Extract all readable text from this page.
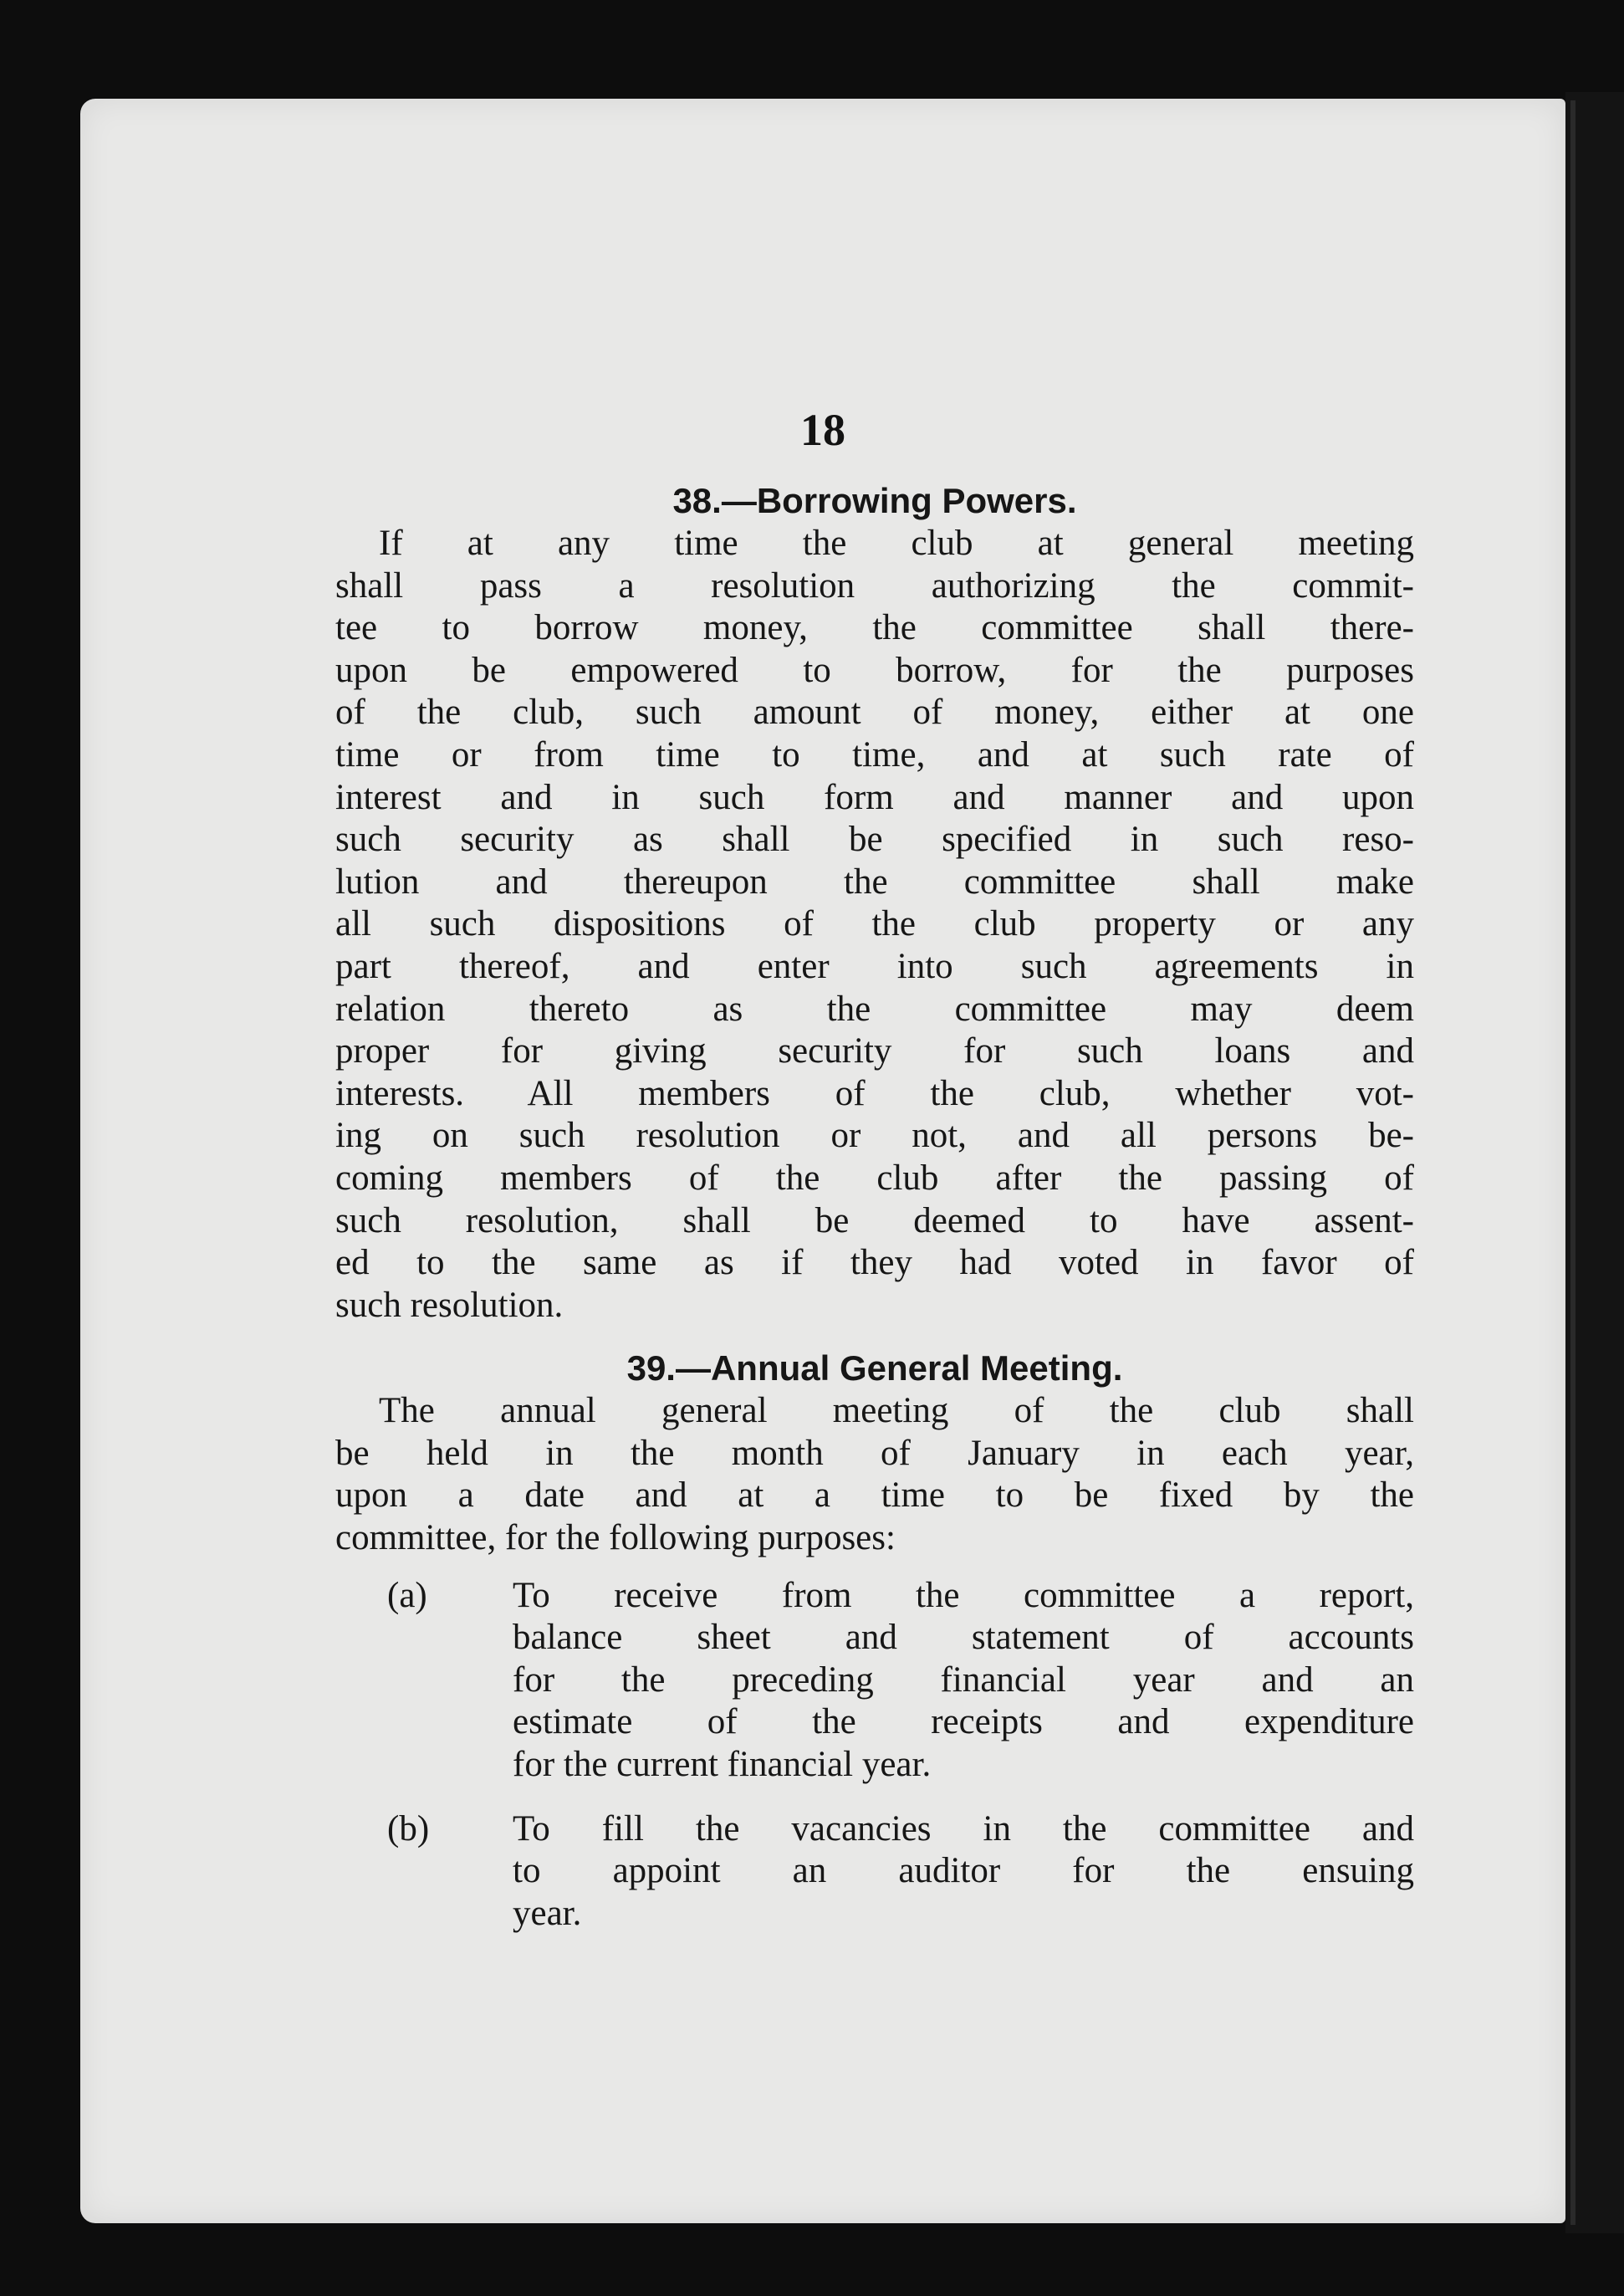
18
38.—Borrowing Powers.
If at any time the club at general meeting
shall pass a resolution authorizing the commit-
tee to borrow money, the committee shall there-
upon be empowered to borrow, for the purposes
of the club, such amount of money, either at one
time or from time to time, and at such rate of
interest and in such form and manner and upon
such security as shall be specified in such reso-
lution and thereupon the committee shall make
all such dispositions of the club property or any
part thereof, and enter into such agreements in
relation thereto as the committee may deem
proper for giving security for such loans and
interests. All members of the club, whether vot-
ing on such resolution or not, and all persons be-
coming members of the club after the passing of
such resolution, shall be deemed to have assent-
ed to the same as if they had voted in favor of
such resolution.
39.—Annual General Meeting.
The annual general meeting of the club shall
be held in the month of January in each year,
upon a date and at a time to be fixed by the
committee, for the following purposes:
(a) To receive from the committee a report,
balance sheet and statement of accounts
for the preceding financial year and an
estimate of the receipts and expenditure
for the current financial year.
(b) To fill the vacancies in the committee and
to appoint an auditor for the ensuing
year.
